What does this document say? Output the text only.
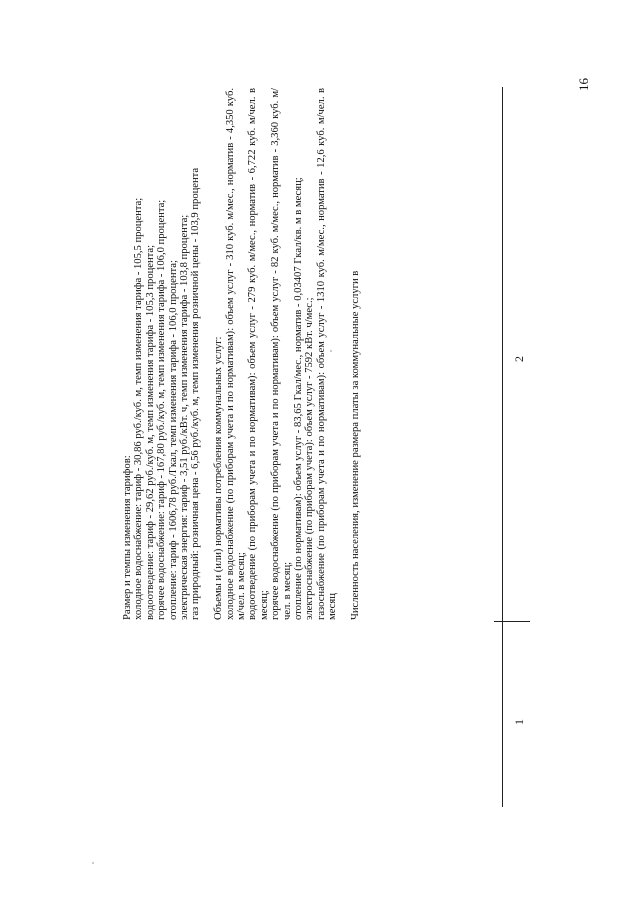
16
1
2
Размер и темпы изменения тарифов: холодное водоснабжение: тариф - 30,86 руб./куб. м, темп изменения тарифа - 105,5 процента; водоотведение: тариф - 29,62 руб./куб. м, темп изменения тарифа - 105,3 процента; горячее водоснабжение: тариф - 167,80 руб./куб. м, темп изменения тарифа - 106,0 процента; отопление: тариф - 1606,78 руб./Гкал, темп изменения тарифа - 106,0 процента; электрическая энергия: тариф - 3,51 руб./кВт. ч, темп изменения тарифа - 103,8 процента; газ природный: розничная цена - 6,56 руб./куб. м, темп изменения розничной цены - 103,9 процента Объемы и (или) нормативы потребления коммунальных услуг: холодное водоснабжение (по приборам учета и по нормативам): объем услуг - 310 куб. м/мес., норматив - 4,350 куб. м/чел. в месяц; водоотведение (по приборам учета и по нормативам): объем услуг - 279 куб. м/мес., норматив - 6,722 куб. м/чел. в месяц; горячее водоснабжение (по приборам учета и по нормативам): объем услуг - 82 куб. м/мес., норматив - 3,360 куб. м/чел. в месяц; отопление (по нормативам): объем услуг - 83,65 Гкал/мес., норматив - 0,03407 Гкал/кв. м в месяц; электроснабжение (по приборам учета): объем услуг - 7592 кВт. ч/мес.; газоснабжение (по приборам учета и по нормативам): объем услуг - 1310 куб. м/мес., норматив - 12,6 куб. м/чел. в месяц Численность населения, изменение размера платы за коммунальные услуги в
